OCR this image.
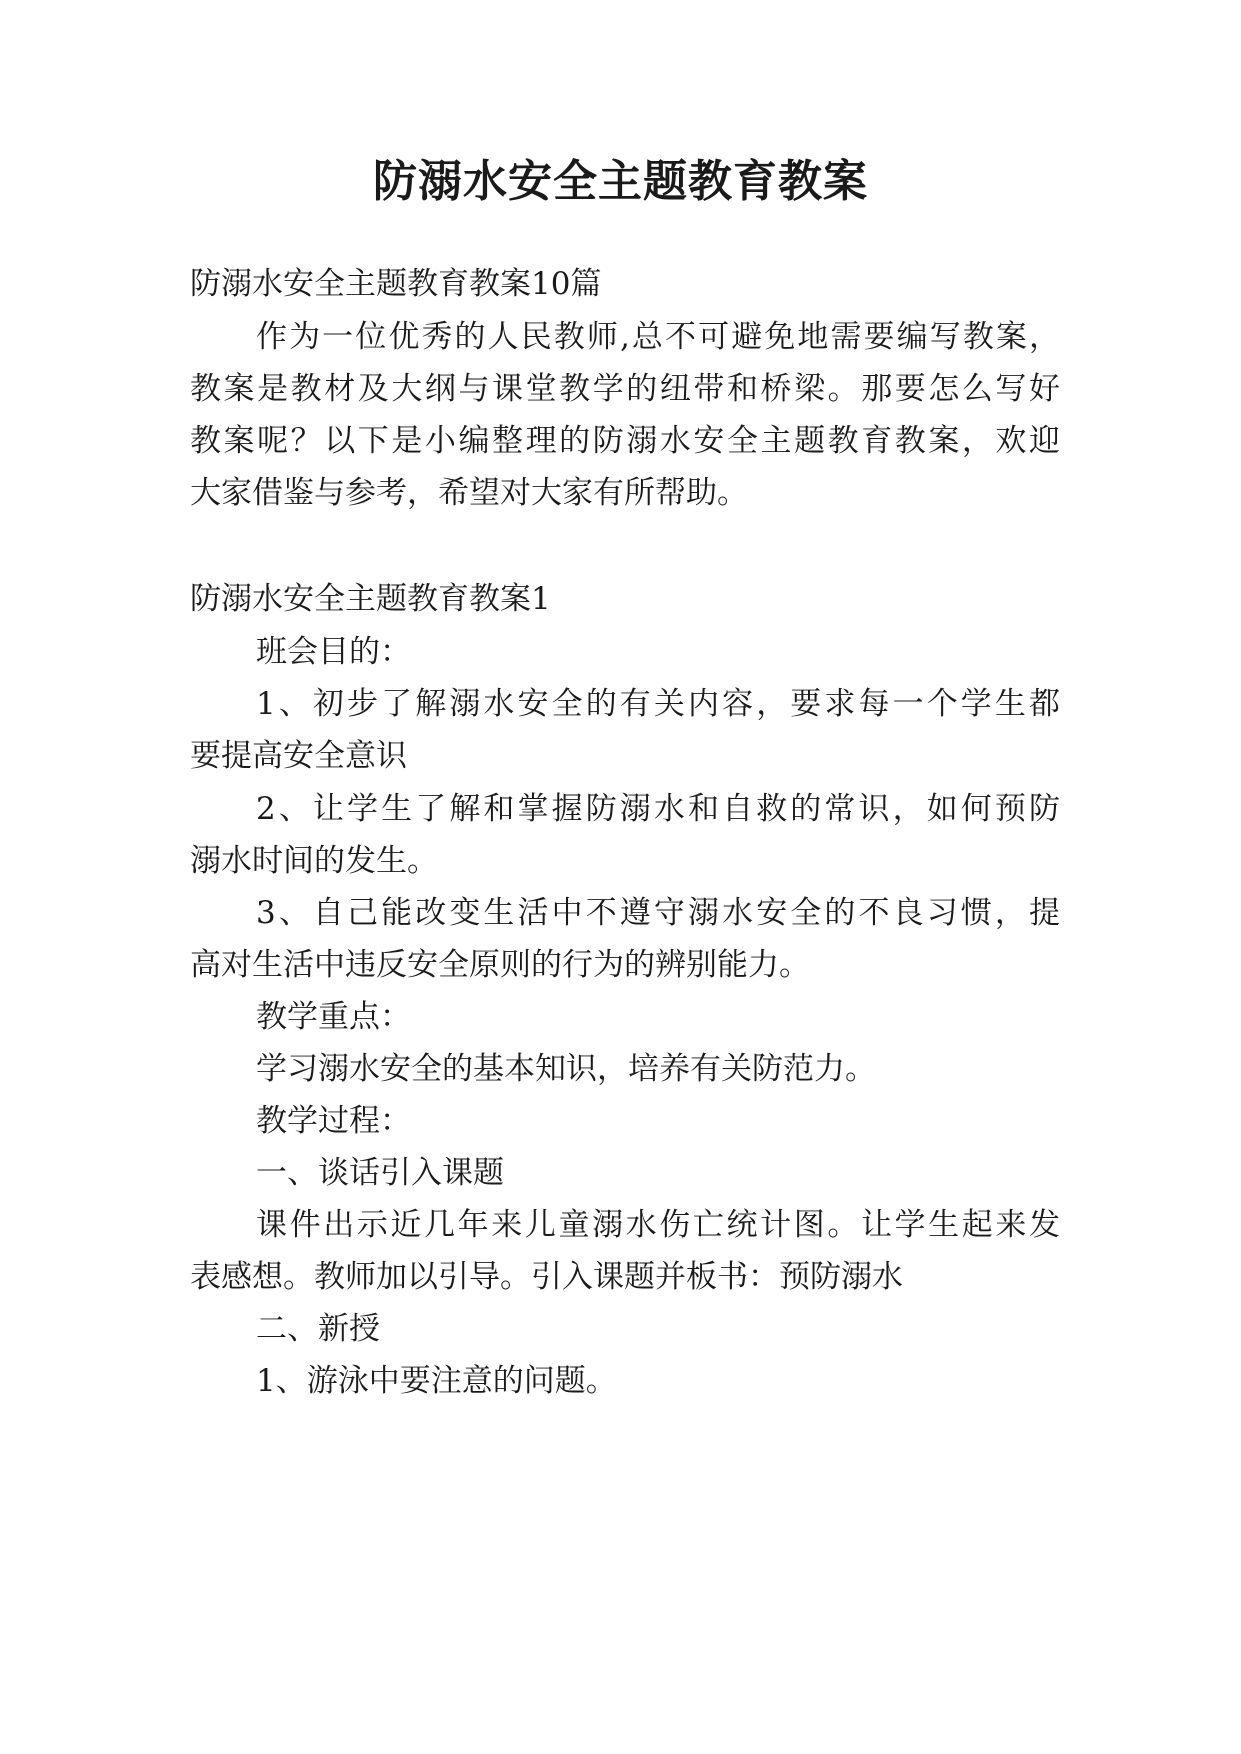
防溺水安全主题教育教案
防溺水安全主题教育教案10篇
作为一位优秀的人民教师,总不可避免地需要编写教案，
教案是教材及大纲与课堂教学的纽带和桥梁。那要怎么写好
教案呢？以下是小编整理的防溺水安全主题教育教案，欢迎
大家借鉴与参考，希望对大家有所帮助。
防溺水安全主题教育教案1
班会目的：
1、初步了解溺水安全的有关内容，要求每一个学生都
要提高安全意识
2、让学生了解和掌握防溺水和自救的常识，如何预防
溺水时间的发生。
3、自己能改变生活中不遵守溺水安全的不良习惯，提
高对生活中违反安全原则的行为的辨别能力。
教学重点：
学习溺水安全的基本知识，培养有关防范力。
教学过程：
一、谈话引入课题
课件出示近几年来儿童溺水伤亡统计图。让学生起来发
表感想。教师加以引导。引入课题并板书：预防溺水
二、新授
1、游泳中要注意的问题。
